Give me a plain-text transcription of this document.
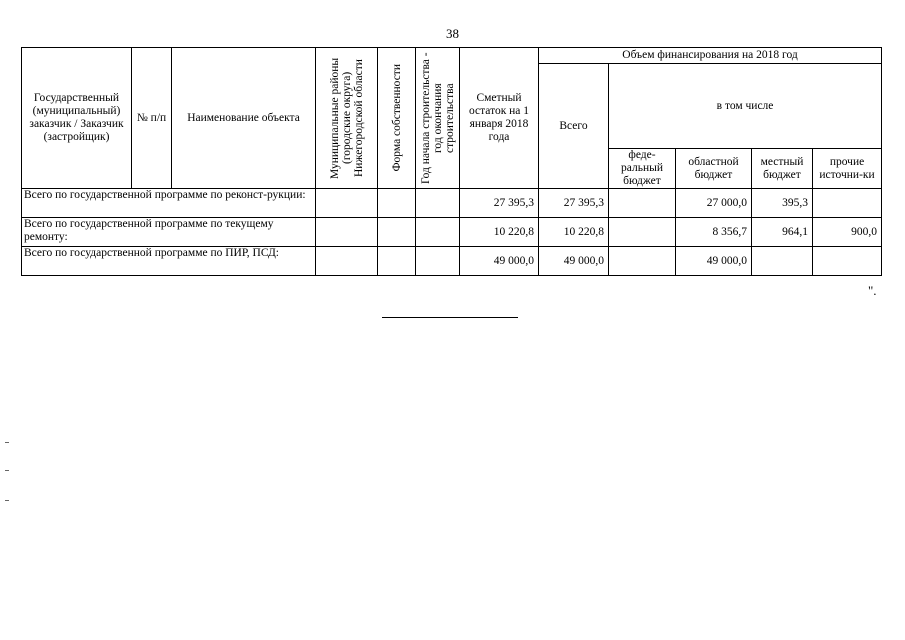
38
Государственный (муниципальный) заказчик / Заказчик (застройщик)	№ п/п	Наименование объекта	Муниципальные районы (городские округа) Нижегородской области	Форма собственности	Год начала строительства - год окончания строительства	Сметный остаток на 1 января 2018 года	Объем финансирования на 2018 год				
							Всего	в том числе			
								феде-ральный бюджет	областной бюджет	местный бюджет	прочие источни-ки
Всего по государственной программе по реконст-рукции:						27 395,3	27 395,3		27 000,0	395,3	
Всего по государственной программе по текущему ремонту:						10 220,8	10 220,8		8 356,7	964,1	900,0
Всего по государственной программе по ПИР, ПСД:						49 000,0	49 000,0		49 000,0		
".
